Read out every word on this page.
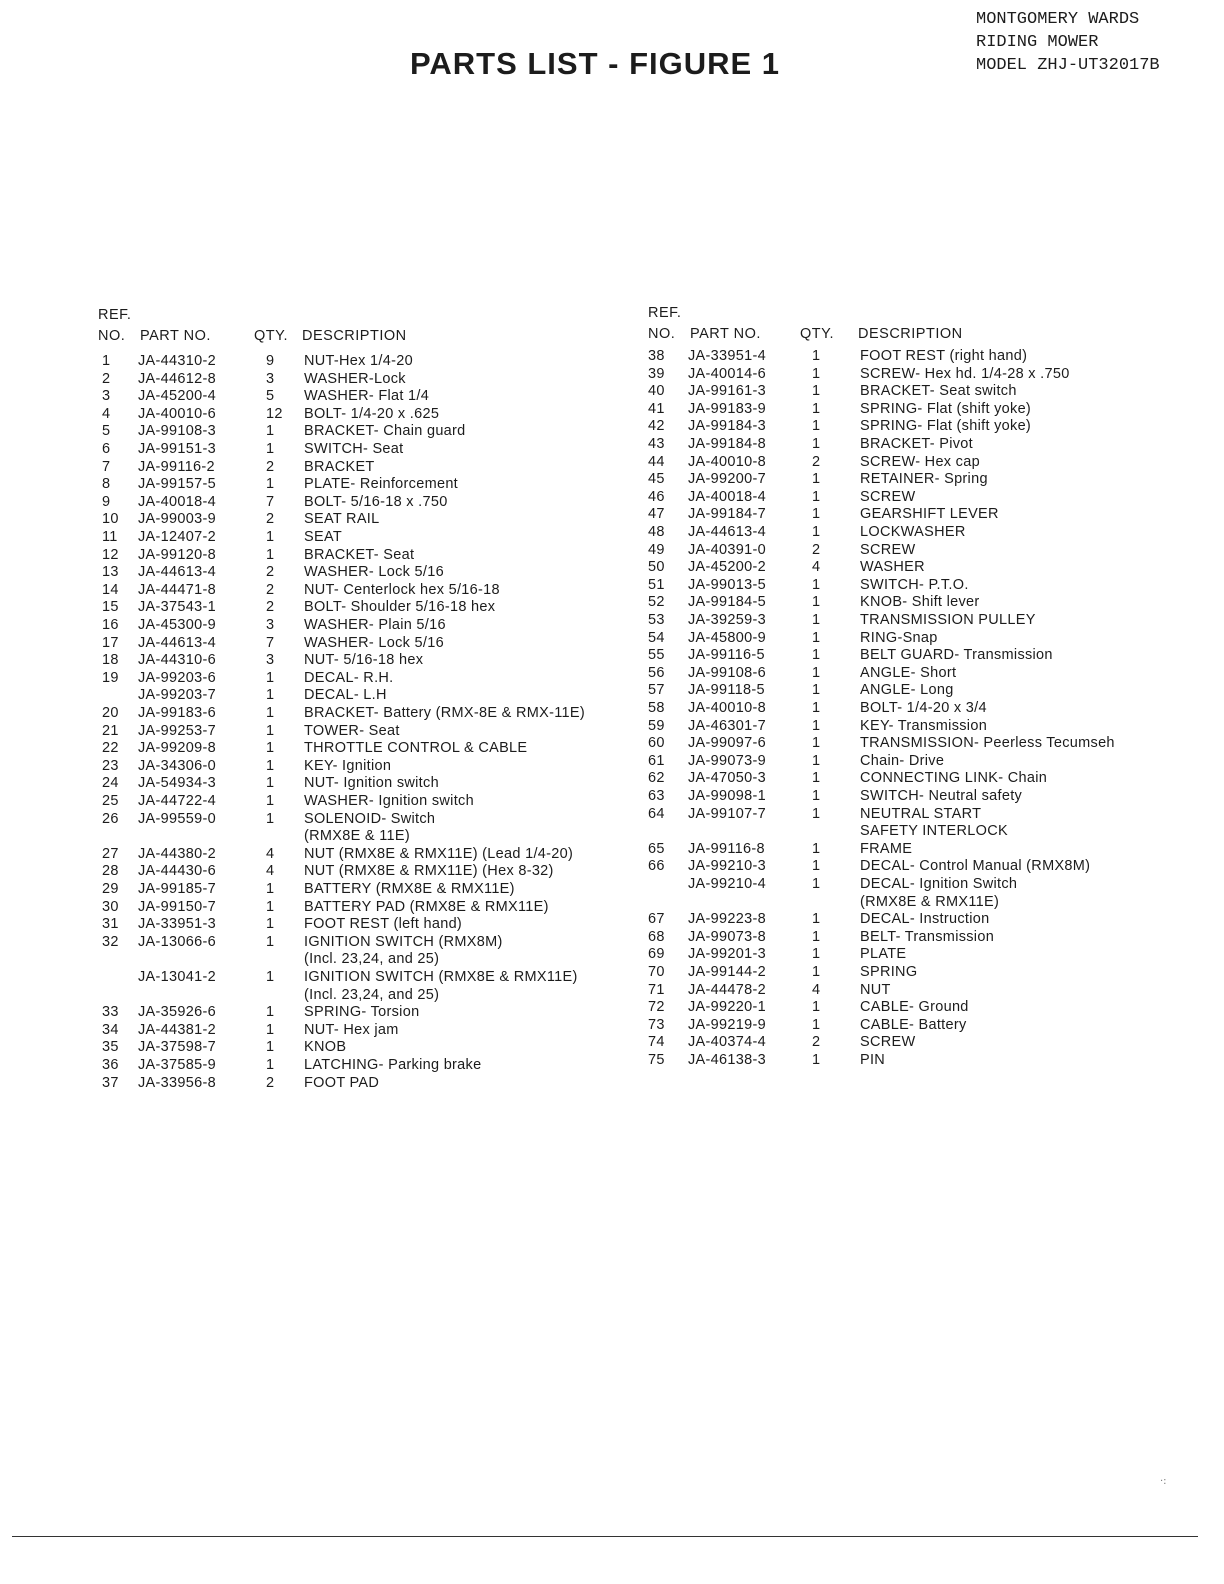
PARTS LIST - FIGURE 1
MONTGOMERY WARDS
RIDING MOWER
MODEL ZHJ-UT32017B
REF.
NO. PART NO.	QTY. DESCRIPTION
1 JA-44310-2	9 NUT-Hex 1/4-20
2 JA-44612-8	3 WASHER-Lock
3 JA-45200-4	5 WASHER- Flat 1/4
4 JA-40010-6	12 BOLT- 1/4-20 x .625
5 JA-99108-3	1 BRACKET- Chain guard
6 JA-99151-3	1 SWITCH- Seat
7 JA-99116-2	2 BRACKET
8 JA-99157-5	1 PLATE- Reinforcement
9 JA-40018-4	7 BOLT- 5/16-18 x .750
10 JA-99003-9	2 SEAT RAIL
11 JA-12407-2	1 SEAT
12 JA-99120-8	1 BRACKET- Seat
13 JA-44613-4	2 WASHER- Lock 5/16
14 JA-44471-8	2 NUT- Centerlock hex 5/16-18
15 JA-37543-1	2 BOLT- Shoulder 5/16-18 hex
16 JA-45300-9	3 WASHER- Plain 5/16
17 JA-44613-4	7 WASHER- Lock 5/16
18 JA-44310-6	3 NUT- 5/16-18 hex
19 JA-99203-6	1 DECAL- R.H.
JA-99203-7	1 DECAL- L.H
20 JA-99183-6	1 BRACKET- Battery (RMX-8E & RMX-11E)
21 JA-99253-7	1 TOWER- Seat
22 JA-99209-8	1 THROTTLE CONTROL & CABLE
23 JA-34306-0	1 KEY- Ignition
24 JA-54934-3	1 NUT- Ignition switch
25 JA-44722-4	1 WASHER- Ignition switch
26 JA-99559-0	1 SOLENOID- Switch
(RMX8E & 11E)
27 JA-44380-2	4 NUT (RMX8E & RMX11E) (Lead 1/4-20)
28 JA-44430-6	4 NUT (RMX8E & RMX11E) (Hex 8-32)
29 JA-99185-7	1 BATTERY (RMX8E & RMX11E)
30 JA-99150-7	1 BATTERY PAD (RMX8E & RMX11E)
31 JA-33951-3	1 FOOT REST (left hand)
32 JA-13066-6	1 IGNITION SWITCH (RMX8M)
(Incl. 23,24, and 25)
JA-13041-2	1 IGNITION SWITCH (RMX8E & RMX11E)
(Incl. 23,24, and 25)
33 JA-35926-6	1 SPRING- Torsion
34 JA-44381-2	1 NUT- Hex jam
35 JA-37598-7	1 KNOB
36 JA-37585-9	1 LATCHING- Parking brake
37 JA-33956-8	2 FOOT PAD
REF.
NO. PART NO.	QTY. DESCRIPTION
38 JA-33951-4	1	FOOT REST (right hand)
39 JA-40014-6	1	SCREW- Hex hd. 1/4-28 x .750
40 JA-99161-3	1	BRACKET- Seat switch
41 JA-99183-9	1	SPRING- Flat (shift yoke)
42 JA-99184-3	1	SPRING- Flat (shift yoke)
43 JA-99184-8	1	BRACKET- Pivot
44 JA-40010-8	2	SCREW- Hex cap
45 JA-99200-7	1	RETAINER- Spring
46 JA-40018-4	1	SCREW
47 JA-99184-7	1	GEARSHIFT LEVER
48 JA-44613-4	1	LOCKWASHER
49 JA-40391-0	2	SCREW
50 JA-45200-2	4	WASHER
51 JA-99013-5	1	SWITCH- P.T.O.
52 JA-99184-5	1	KNOB- Shift lever
53 JA-39259-3	1	TRANSMISSION PULLEY
54 JA-45800-9	1	RING-Snap
55 JA-99116-5	1	BELT GUARD- Transmission
56 JA-99108-6	1	ANGLE- Short
57 JA-99118-5	1	ANGLE- Long
58 JA-40010-8	1	BOLT- 1/4-20 x 3/4
59 JA-46301-7	1	KEY- Transmission
60 JA-99097-6	1	TRANSMISSION- Peerless Tecumseh
61 JA-99073-9	1	Chain- Drive
62 JA-47050-3	1	CONNECTING LINK- Chain
63 JA-99098-1	1	SWITCH- Neutral safety
64 JA-99107-7	1	NEUTRAL START
SAFETY INTERLOCK
65 JA-99116-8	1	FRAME
66 JA-99210-3	1	DECAL- Control Manual (RMX8M)
JA-99210-4	1	DECAL- Ignition Switch
(RMX8E & RMX11E)
67 JA-99223-8	1	DECAL- Instruction
68 JA-99073-8	1	BELT- Transmission
69 JA-99201-3	1	PLATE
70 JA-99144-2	1	SPRING
71 JA-44478-2	4	NUT
72 JA-99220-1	1	CABLE- Ground
73 JA-99219-9	1	CABLE- Battery
74 JA-40374-4	2	SCREW
75 JA-46138-3	1	PIN
·:
